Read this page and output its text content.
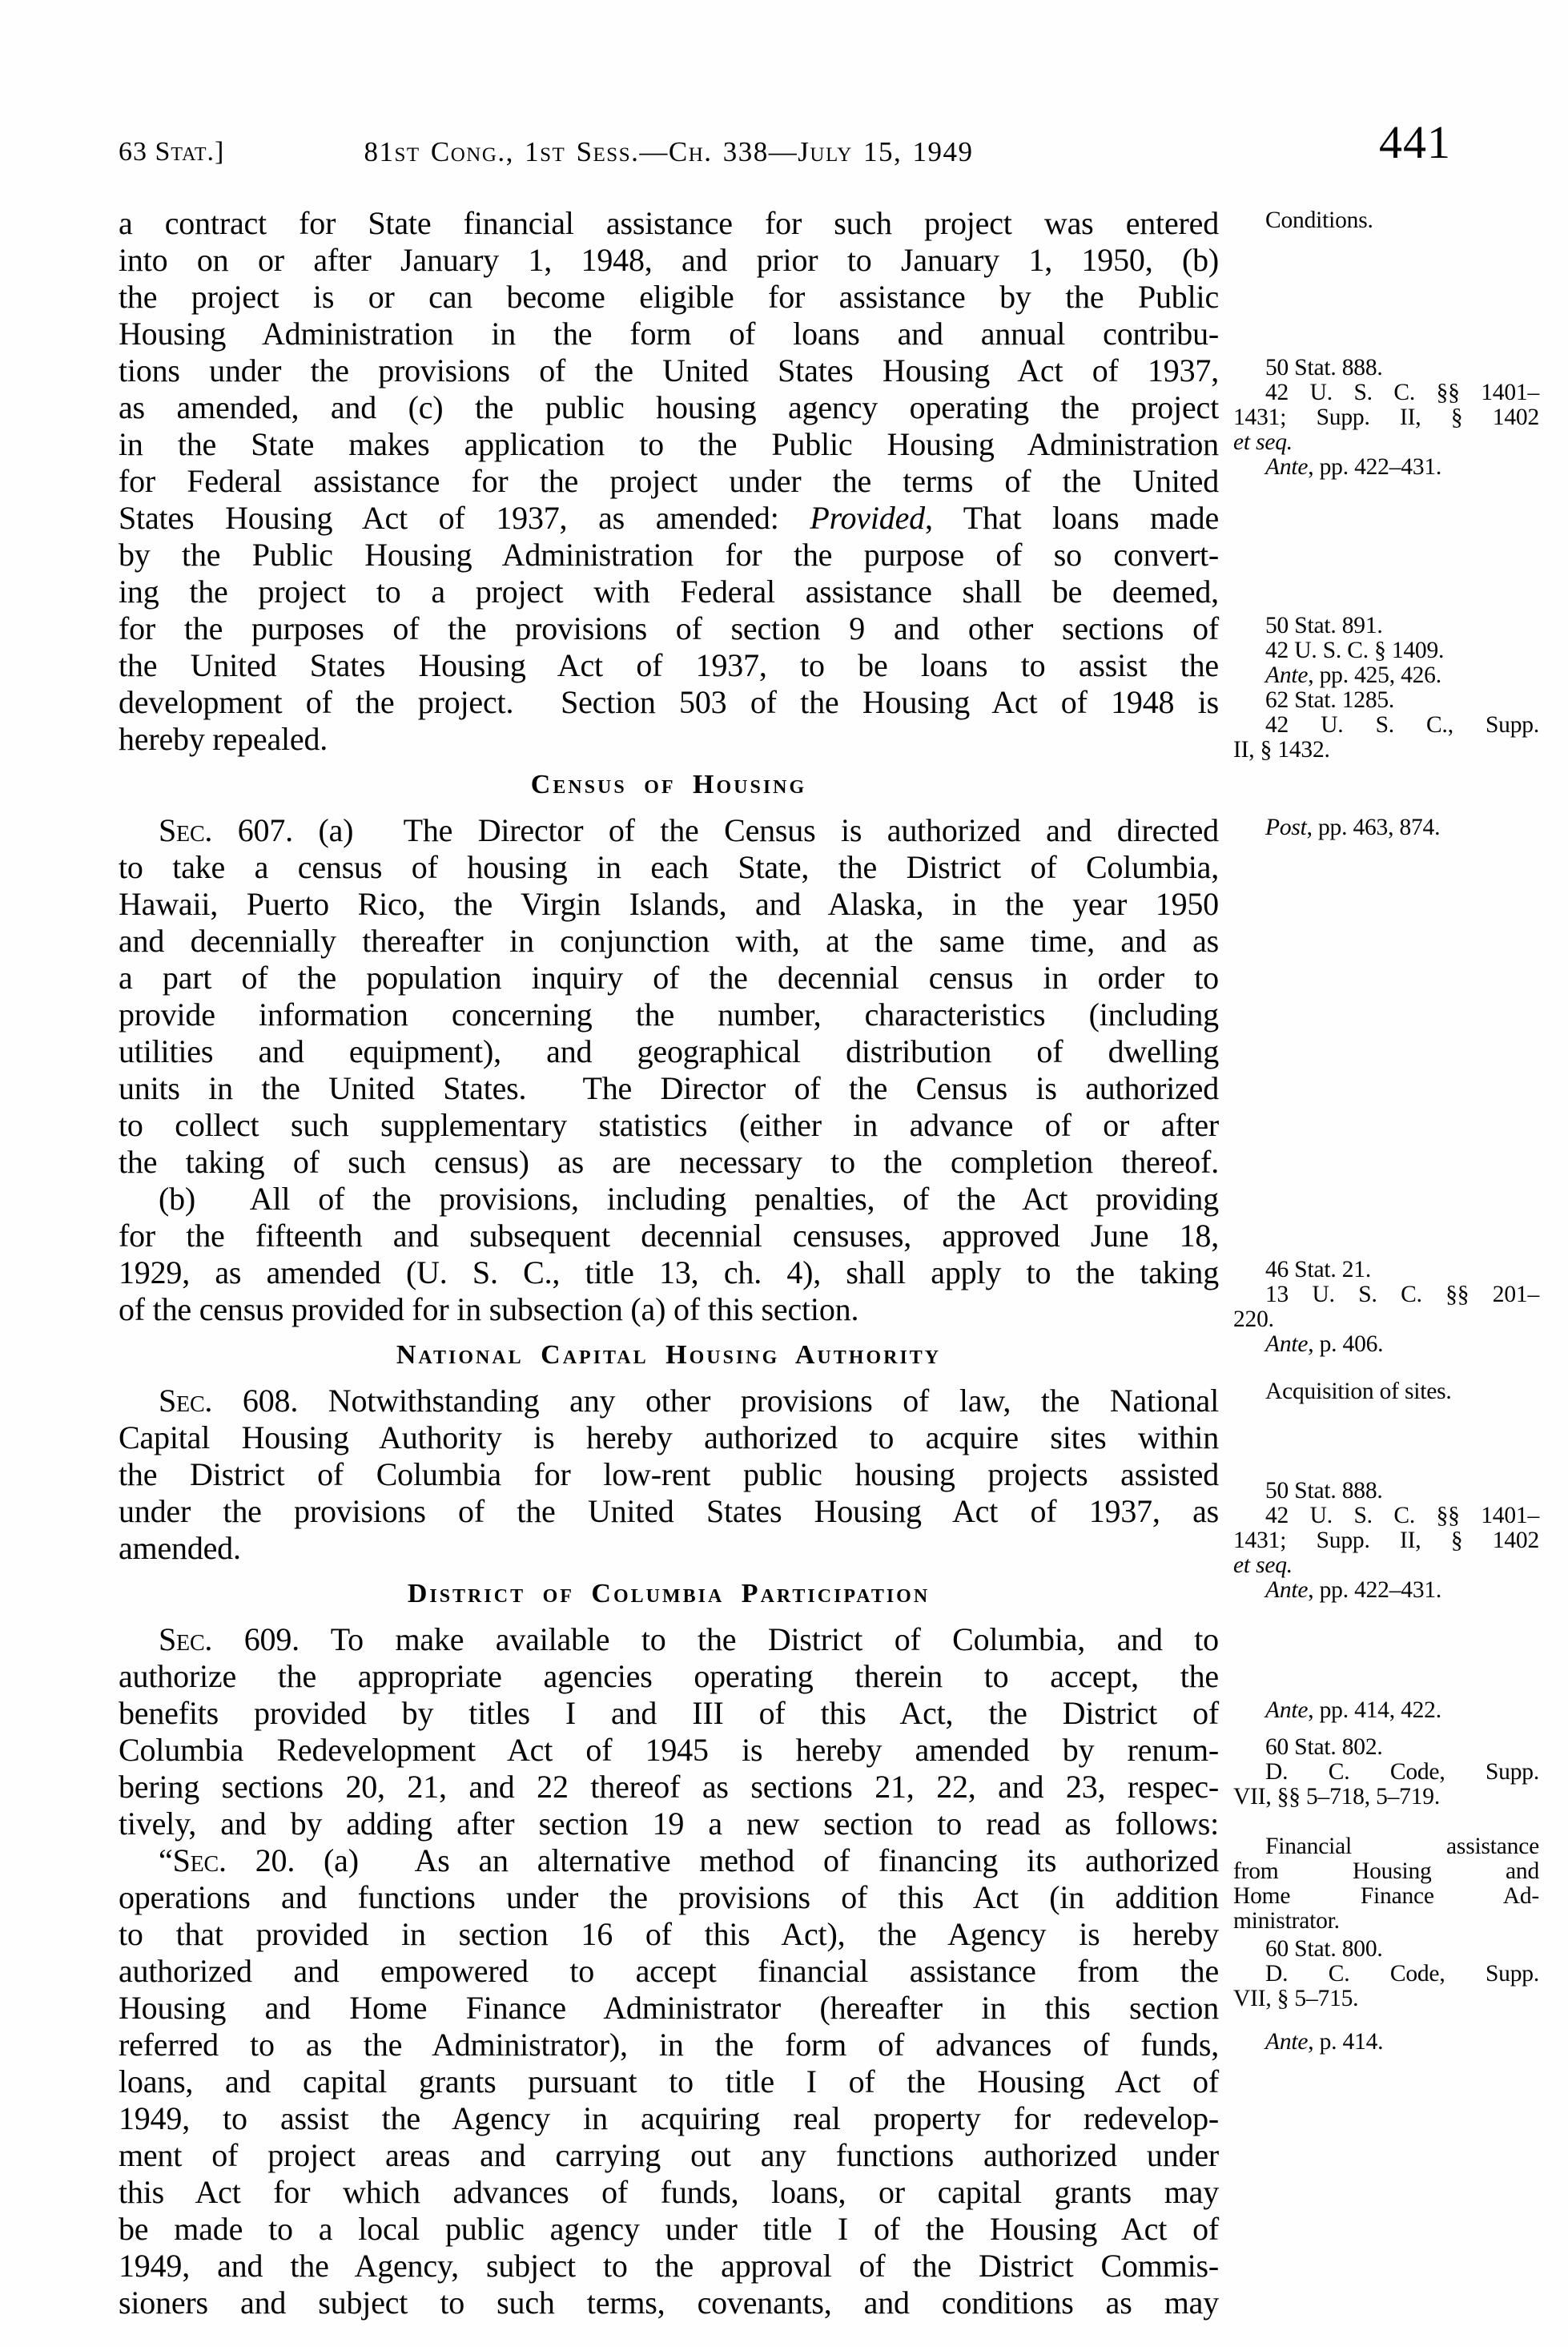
63 Stat.]	81st Cong., 1st Sess.—Ch. 338—July 15, 1949	441
a contract for State financial assistance for such project was entered
into on or after January 1, 1948, and prior to January 1, 1950, (b)
the project is or can become eligible for assistance by the Public
Housing Administration in the form of loans and annual contribu-
tions under the provisions of the United States Housing Act of 1937,
as amended, and (c) the public housing agency operating the project
in the State makes application to the Public Housing Administration
for Federal assistance for the project under the terms of the United
States Housing Act of 1937, as amended: Provided, That loans made
by the Public Housing Administration for the purpose of so convert-
ing the project to a project with Federal assistance shall be deemed,
for the purposes of the provisions of section 9 and other sections of
the United States Housing Act of 1937, to be loans to assist the
development of the project.  Section 503 of the Housing Act of 1948 is
hereby repealed.
Census of Housing
Sec. 607. (a)  The Director of the Census is authorized and directed
to take a census of housing in each State, the District of Columbia,
Hawaii, Puerto Rico, the Virgin Islands, and Alaska, in the year 1950
and decennially thereafter in conjunction with, at the same time, and as
a part of the population inquiry of the decennial census in order to
provide information concerning the number, characteristics (including
utilities and equipment), and geographical distribution of dwelling
units in the United States.  The Director of the Census is authorized
to collect such supplementary statistics (either in advance of or after
the taking of such census) as are necessary to the completion thereof.
(b)  All of the provisions, including penalties, of the Act providing
for the fifteenth and subsequent decennial censuses, approved June 18,
1929, as amended (U. S. C., title 13, ch. 4), shall apply to the taking
of the census provided for in subsection (a) of this section.
National Capital Housing Authority
Sec. 608. Notwithstanding any other provisions of law, the National
Capital Housing Authority is hereby authorized to acquire sites within
the District of Columbia for low-rent public housing projects assisted
under the provisions of the United States Housing Act of 1937, as
amended.
District of Columbia Participation
Sec. 609. To make available to the District of Columbia, and to
authorize the appropriate agencies operating therein to accept, the
benefits provided by titles I and III of this Act, the District of
Columbia Redevelopment Act of 1945 is hereby amended by renum-
bering sections 20, 21, and 22 thereof as sections 21, 22, and 23, respec-
tively, and by adding after section 19 a new section to read as follows:
“Sec. 20. (a)  As an alternative method of financing its authorized
operations and functions under the provisions of this Act (in addition
to that provided in section 16 of this Act), the Agency is hereby
authorized and empowered to accept financial assistance from the
Housing and Home Finance Administrator (hereafter in this section
referred to as the Administrator), in the form of advances of funds,
loans, and capital grants pursuant to title I of the Housing Act of
1949, to assist the Agency in acquiring real property for redevelop-
ment of project areas and carrying out any functions authorized under
this Act for which advances of funds, loans, or capital grants may
be made to a local public agency under title I of the Housing Act of
1949, and the Agency, subject to the approval of the District Commis-
sioners and subject to such terms, covenants, and conditions as may
Conditions.
50 Stat. 888.
42 U. S. C. §§ 1401–
1431; Supp. II, § 1402
et seq.
Ante, pp. 422–431.
50 Stat. 891.
42 U. S. C. § 1409.
Ante, pp. 425, 426.
62 Stat. 1285.
42 U. S. C., Supp.
II, § 1432.
Post, pp. 463, 874.
46 Stat. 21.
13 U. S. C. §§ 201–
220.
Ante, p. 406.
Acquisition of sites.
50 Stat. 888.
42 U. S. C. §§ 1401–
1431; Supp. II, § 1402
et seq.
Ante, pp. 422–431.
Ante, pp. 414, 422.
60 Stat. 802.
D. C. Code, Supp.
VII, §§ 5–718, 5–719.
Financial assistance
from Housing and
Home Finance Ad-
ministrator.
60 Stat. 800.
D. C. Code, Supp.
VII, § 5–715.
Ante, p. 414.
